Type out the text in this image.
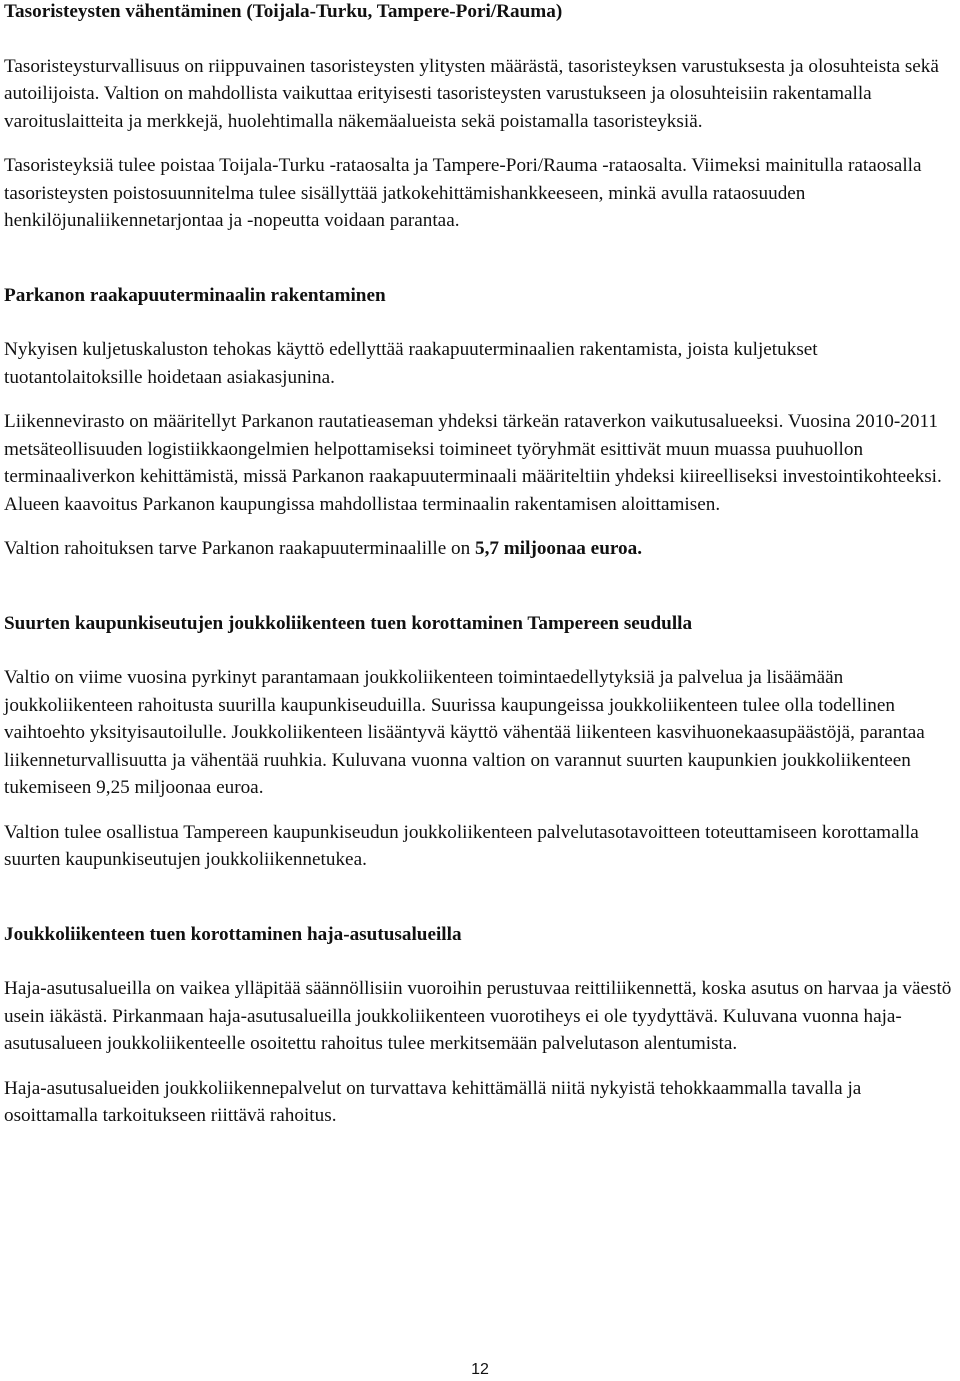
Tasoristeysten vähentäminen (Toijala-Turku, Tampere-Pori/Rauma)

Tasoristeysturvallisuus on riippuvainen tasoristeysten ylitysten määrästä, tasoristeyksen varustuksesta ja olosuhteista sekä autoilijoista. Valtion on mahdollista vaikuttaa erityisesti tasoristeysten varustukseen ja olosuhteisiin rakentamalla varoituslaitteita ja merkkejä, huolehtimalla näkemäalueista sekä poistamalla tasoristeyksiä.

Tasoristeyksiä tulee poistaa Toijala-Turku -rataosalta ja Tampere-Pori/Rauma -rataosalta. Viimeksi mainitulla rataosalla tasoristeysten poistosuunnitelma tulee sisällyttää jatkokehittämishankkeeseen, minkä avulla rataosuuden henkilöjunaliikennetarjontaa ja -nopeutta voidaan parantaa.

Parkanon raakapuuterminaalin rakentaminen

Nykyisen kuljetuskaluston tehokas käyttö edellyttää raakapuuterminaalien rakentamista, joista kuljetukset tuotantolaitoksille hoidetaan asiakasjunina.

Liikennevirasto on määritellyt Parkanon rautatieaseman yhdeksi tärkeän rataverkon vaikutusalueeksi. Vuosina 2010-2011 metsäteollisuuden logistiikkaongelmien helpottamiseksi toimineet työryhmät esittivät muun muassa puuhuollon terminaaliverkon kehittämistä, missä Parkanon raakapuuterminaali määriteltiin yhdeksi kiireelliseksi investointikohteeksi. Alueen kaavoitus Parkanon kaupungissa mahdollistaa terminaalin rakentamisen aloittamisen.

Valtion rahoituksen tarve Parkanon raakapuuterminaalille on 5,7 miljoonaa euroa.

Suurten kaupunkiseutujen joukkoliikenteen tuen korottaminen Tampereen seudulla

Valtio on viime vuosina pyrkinyt parantamaan joukkoliikenteen toimintaedellytyksiä ja palvelua ja lisäämään joukkoliikenteen rahoitusta suurilla kaupunkiseuduilla. Suurissa kaupungeissa joukkoliikenteen tulee olla todellinen vaihtoehto yksityisautoilulle. Joukkoliikenteen lisääntyvä käyttö vähentää liikenteen kasvihuonekaasupäästöjä, parantaa liikenneturvallisuutta ja vähentää ruuhkia. Kuluvana vuonna valtion on varannut suurten kaupunkien joukkoliikenteen tukemiseen 9,25 miljoonaa euroa.

Valtion tulee osallistua Tampereen kaupunkiseudun joukkoliikenteen palvelutasotavoitteen toteuttamiseen korottamalla suurten kaupunkiseutujen joukkoliikennetukea.

Joukkoliikenteen tuen korottaminen haja-asutusalueilla

Haja-asutusalueilla on vaikea ylläpitää säännöllisiin vuoroihin perustuvaa reittiliikennettä, koska asutus on harvaa ja väestö usein iäkästä. Pirkanmaan haja-asutusalueilla joukkoliikenteen vuorotiheys ei ole tyydyttävä. Kuluvana vuonna haja-asutusalueen joukkoliikenteelle osoitettu rahoitus tulee merkitsemään palvelutason alentumista.

Haja-asutusalueiden joukkoliikennepalvelut on turvattava kehittämällä niitä nykyistä tehokkaammalla tavalla ja osoittamalla tarkoitukseen riittävä rahoitus.

12
